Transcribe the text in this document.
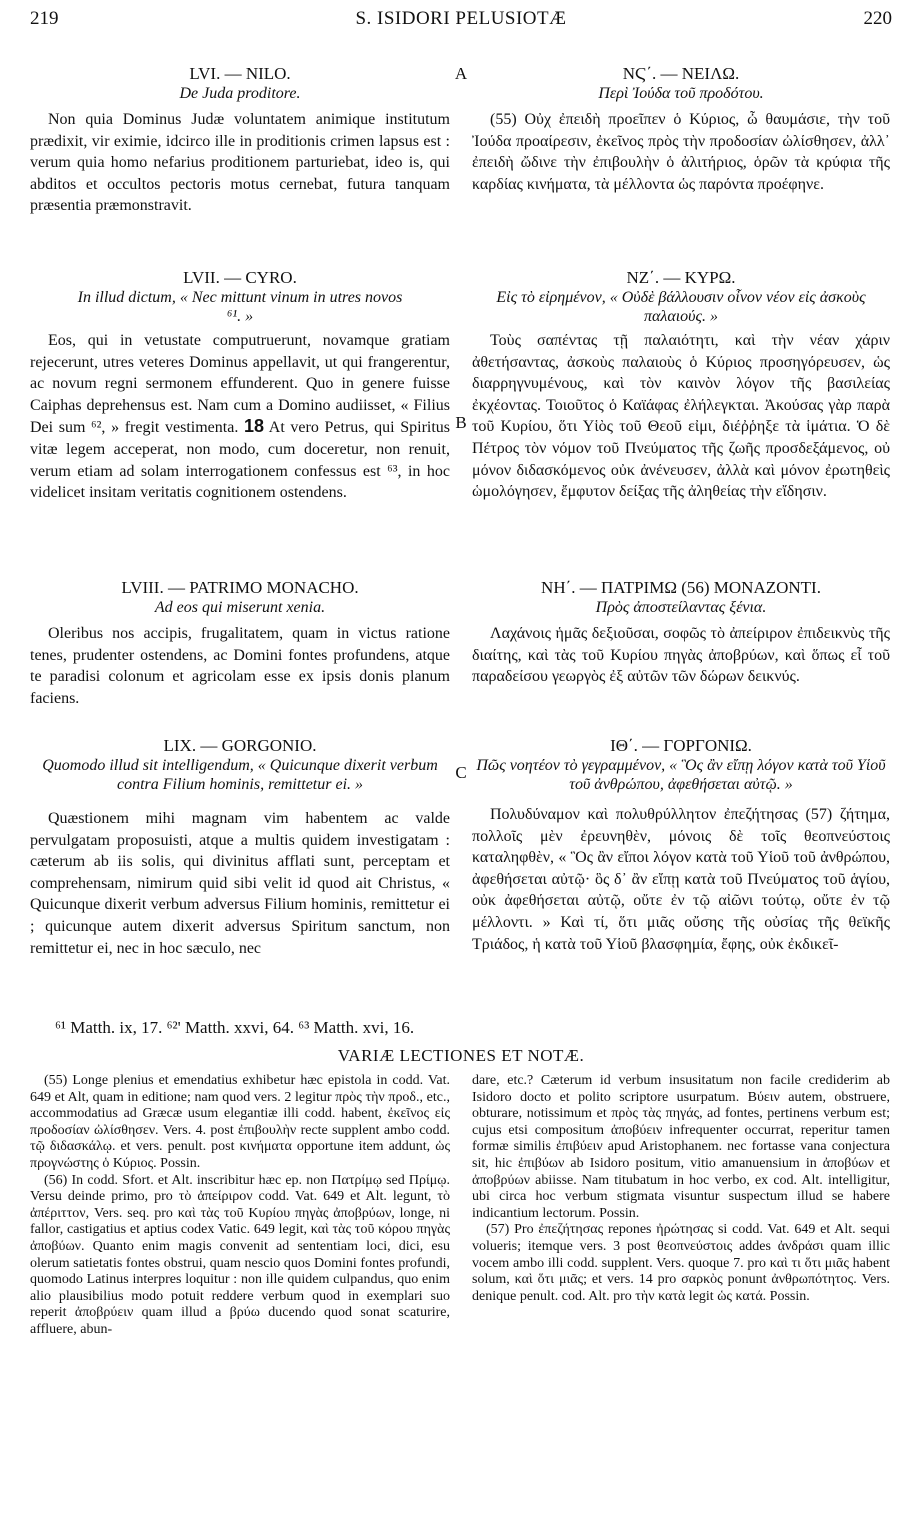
219	S. ISIDORI PELUSIOTÆ	220
A
B
C
LVI. — NILO.
De Juda proditore.

Non quia Dominus Judæ voluntatem animique institutum prædixit, vir eximie, idcirco ille in proditionis crimen lapsus est : verum quia homo nefarius proditionem parturiebat, ideo is, qui abditos et occultos pectoris motus cernebat, futura tanquam præsentia præmonstravit.

LVII. — CYRO.
In illud dictum, « Nec mittunt vinum in utres novos ⁶¹. »

Eos, qui in vetustate computruerunt, novamque gratiam rejecerunt, utres veteres Dominus appellavit, ut qui frangerentur, ac novum regni sermonem effunderent. Quo in genere fuisse Caiphas deprehensus est. Nam cum a Domino audiisset, « Filius Dei sum ⁶², » fregit vestimenta. 18 At vero Petrus, qui Spiritus vitæ legem acceperat, non modo, cum doceretur, non renuit, verum etiam ad solam interrogationem confessus est ⁶³, in hoc videlicet insitam veritatis cognitionem ostendens.

LVIII. — PATRIMO MONACHO.
Ad eos qui miserunt xenia.

Oleribus nos accipis, frugalitatem, quam in victus ratione tenes, prudenter ostendens, ac Domini fontes profundens, atque te paradisi colonum et agricolam esse ex ipsis donis planum faciens.

LIX. — GORGONIO.
Quomodo illud sit intelligendum, « Quicunque dixerit verbum contra Filium hominis, remittetur ei. »

Quæstionem mihi magnam vim habentem ac valde pervulgatam proposuisti, atque a multis quidem investigatam : cæterum ab iis solis, qui divinitus afflati sunt, perceptam et comprehensam, nimirum quid sibi velit id quod ait Christus, « Quicunque dixerit verbum adversus Filium hominis, remittetur ei ; quicunque autem dixerit adversus Spiritum sanctum, non remittetur ei, nec in hoc sæculo, nec

ΝϚ΄. — ΝΕΙΛΩ.
Περὶ Ἰούδα τοῦ προδότου.

(55) Οὐχ ἐπειδὴ προεῖπεν ὁ Κύριος, ὦ θαυμάσιε, τὴν τοῦ Ἰούδα προαίρεσιν, ἐκεῖνος πρὸς τὴν προδοσίαν ὠλίσθησεν, ἀλλ᾽ ἐπειδὴ ὤδινε τὴν ἐπιβουλὴν ὁ ἀλιτήριος, ὁρῶν τὰ κρύφια τῆς καρδίας κινήματα, τὰ μέλλοντα ὡς παρόντα προέφηνε.

ΝΖ΄. — ΚΥΡΩ.
Εἰς τὸ εἰρημένον, « Οὐδὲ βάλλουσιν οἶνον νέον εἰς ἀσκοὺς παλαιούς. »

Τοὺς σαπέντας τῇ παλαιότητι, καὶ τὴν νέαν χάριν ἀθετήσαντας, ἀσκοὺς παλαιοὺς ὁ Κύριος προσηγόρευσεν, ὡς διαρρηγνυμένους, καὶ τὸν καινὸν λόγον τῆς βασιλείας ἐκχέοντας. Τοιοῦτος ὁ Καϊάφας ἐλήλεγκται. Ἀκούσας γὰρ παρὰ τοῦ Κυρίου, ὅτι Υἱὸς τοῦ Θεοῦ εἰμι, διέῤῥηξε τὰ ἱμάτια. Ὁ δὲ Πέτρος τὸν νόμον τοῦ Πνεύματος τῆς ζωῆς προσδεξάμενος, οὐ μόνον διδασκόμενος οὐκ ἀνένευσεν, ἀλλὰ καὶ μόνον ἐρωτηθεὶς ὡμολόγησεν, ἔμφυτον δείξας τῆς ἀληθείας τὴν εἴδησιν.

ΝΗ΄. — ΠΑΤΡΙΜΩ (56) ΜΟΝΑΖΟΝΤΙ.
Πρὸς ἀποστείλαντας ξένια.

Λαχάνοις ἡμᾶς δεξιοῦσαι, σοφῶς τὸ ἀπείριρον ἐπιδεικνὺς τῆς διαίτης, καὶ τὰς τοῦ Κυρίου πηγὰς ἀποβρύων, καὶ ὅπως εἶ τοῦ παραδείσου γεωργὸς ἐξ αὐτῶν τῶν δώρων δεικνύς.

ΙΘ΄. — ΓΟΡΓΟΝΙΩ.
Πῶς νοητέον τὸ γεγραμμένον, « Ὃς ἂν εἴπῃ λόγον κατὰ τοῦ Υἱοῦ τοῦ ἀνθρώπου, ἀφεθήσεται αὐτῷ. »

Πολυδύναμον καὶ πολυθρύλλητον ἐπεζήτησας (57) ζήτημα, πολλοῖς μὲν ἐρευνηθὲν, μόνοις δὲ τοῖς θεοπνεύστοις καταληφθὲν, « Ὃς ἂν εἴποι λόγον κατὰ τοῦ Υἱοῦ τοῦ ἀνθρώπου, ἀφεθήσεται αὐτῷ· ὃς δ᾽ ἂν εἴπῃ κατὰ τοῦ Πνεύματος τοῦ ἁγίου, οὐκ ἀφεθήσεται αὐτῷ, οὔτε ἐν τῷ αἰῶνι τούτῳ, οὔτε ἐν τῷ μέλλοντι. » Καὶ τί, ὅτι μιᾶς οὔσης τῆς οὐσίας τῆς θεϊκῆς Τριάδος, ἡ κατὰ τοῦ Υἱοῦ βλασφημία, ἔφης, οὐκ ἐκδικεῖ-

⁶¹ Matth. ix, 17. ⁶²' Matth. xxvi, 64. ⁶³ Matth. xvi, 16.
VARIÆ LECTIONES ET NOTÆ.

(55) Longe plenius et emendatius exhibetur hæc epistola in codd. Vat. 649 et Alt, quam in editione; nam quod vers. 2 legitur πρὸς τὴν προδ., etc., accommodatius ad Græcæ usum elegantiæ illi codd. habent, ἐκεῖνος εἰς προδοσίαν ὠλίσθησεν. Vers. 4. post ἐπιβουλὴν recte supplent ambo codd. τῷ διδασκάλῳ. et vers. penult. post κινήματα opportune item addunt, ὡς προγνώστης ὁ Κύριος. Possin.

(56) In codd. Sfort. et Alt. inscribitur hæc ep. non Πατρίμῳ sed Πρίμῳ. Versu deinde primo, pro τὸ ἀπείριρον codd. Vat. 649 et Alt. legunt, τὸ ἀπέριττον, Vers. seq. pro καὶ τὰς τοῦ Κυρίου πηγὰς ἀποβρύων, longe, ni fallor, castigatius et aptius codex Vatic. 649 legit, καὶ τὰς τοῦ κόρου πηγὰς ἀποβύων. Quanto enim magis convenit ad sententiam loci, dici, esu olerum satietatis fontes obstrui, quam nescio quos Domini fontes profundi, quomodo Latinus interpres loquitur : non ille quidem culpandus, quo enim alio plausibilius modo potuit reddere verbum quod in exemplari suo reperit ἀποβρύειν quam illud a βρύω ducendo quod sonat scaturire, affluere, abun-

dare, etc.? Cæterum id verbum insusitatum non facile crediderim ab Isidoro docto et polito scriptore usurpatum. Βύειν autem, obstruere, obturare, notissimum et πρὸς τὰς πηγάς, ad fontes, pertinens verbum est; cujus etsi compositum ἀποβύειν infrequenter occurrat, reperitur tamen formæ similis ἐπιβύειν apud Aristophanem. nec fortasse vana conjectura sit, hic ἐπιβύων ab Isidoro positum, vitio amanuensium in ἀποβύων et ἀποβρύων abiisse. Nam titubatum in hoc verbo, ex cod. Alt. intelligitur, ubi circa hoc verbum stigmata visuntur suspectum illud se habere indicantium lectorum. Possin.

(57) Pro ἐπεζήτησας repones ἠρώτησας si codd. Vat. 649 et Alt. sequi volueris; itemque vers. 3 post θεοπνεύστοις addes ἀνδράσι quam illic vocem ambo illi codd. supplent. Vers. quoque 7. pro καὶ τι ὅτι μιᾶς habent solum, καὶ ὅτι μιᾶς; et vers. 14 pro σαρκὸς ponunt ἀνθρωπότητος. Vers. denique penult. cod. Alt. pro τὴν κατὰ legit ὡς κατά. Possin.
